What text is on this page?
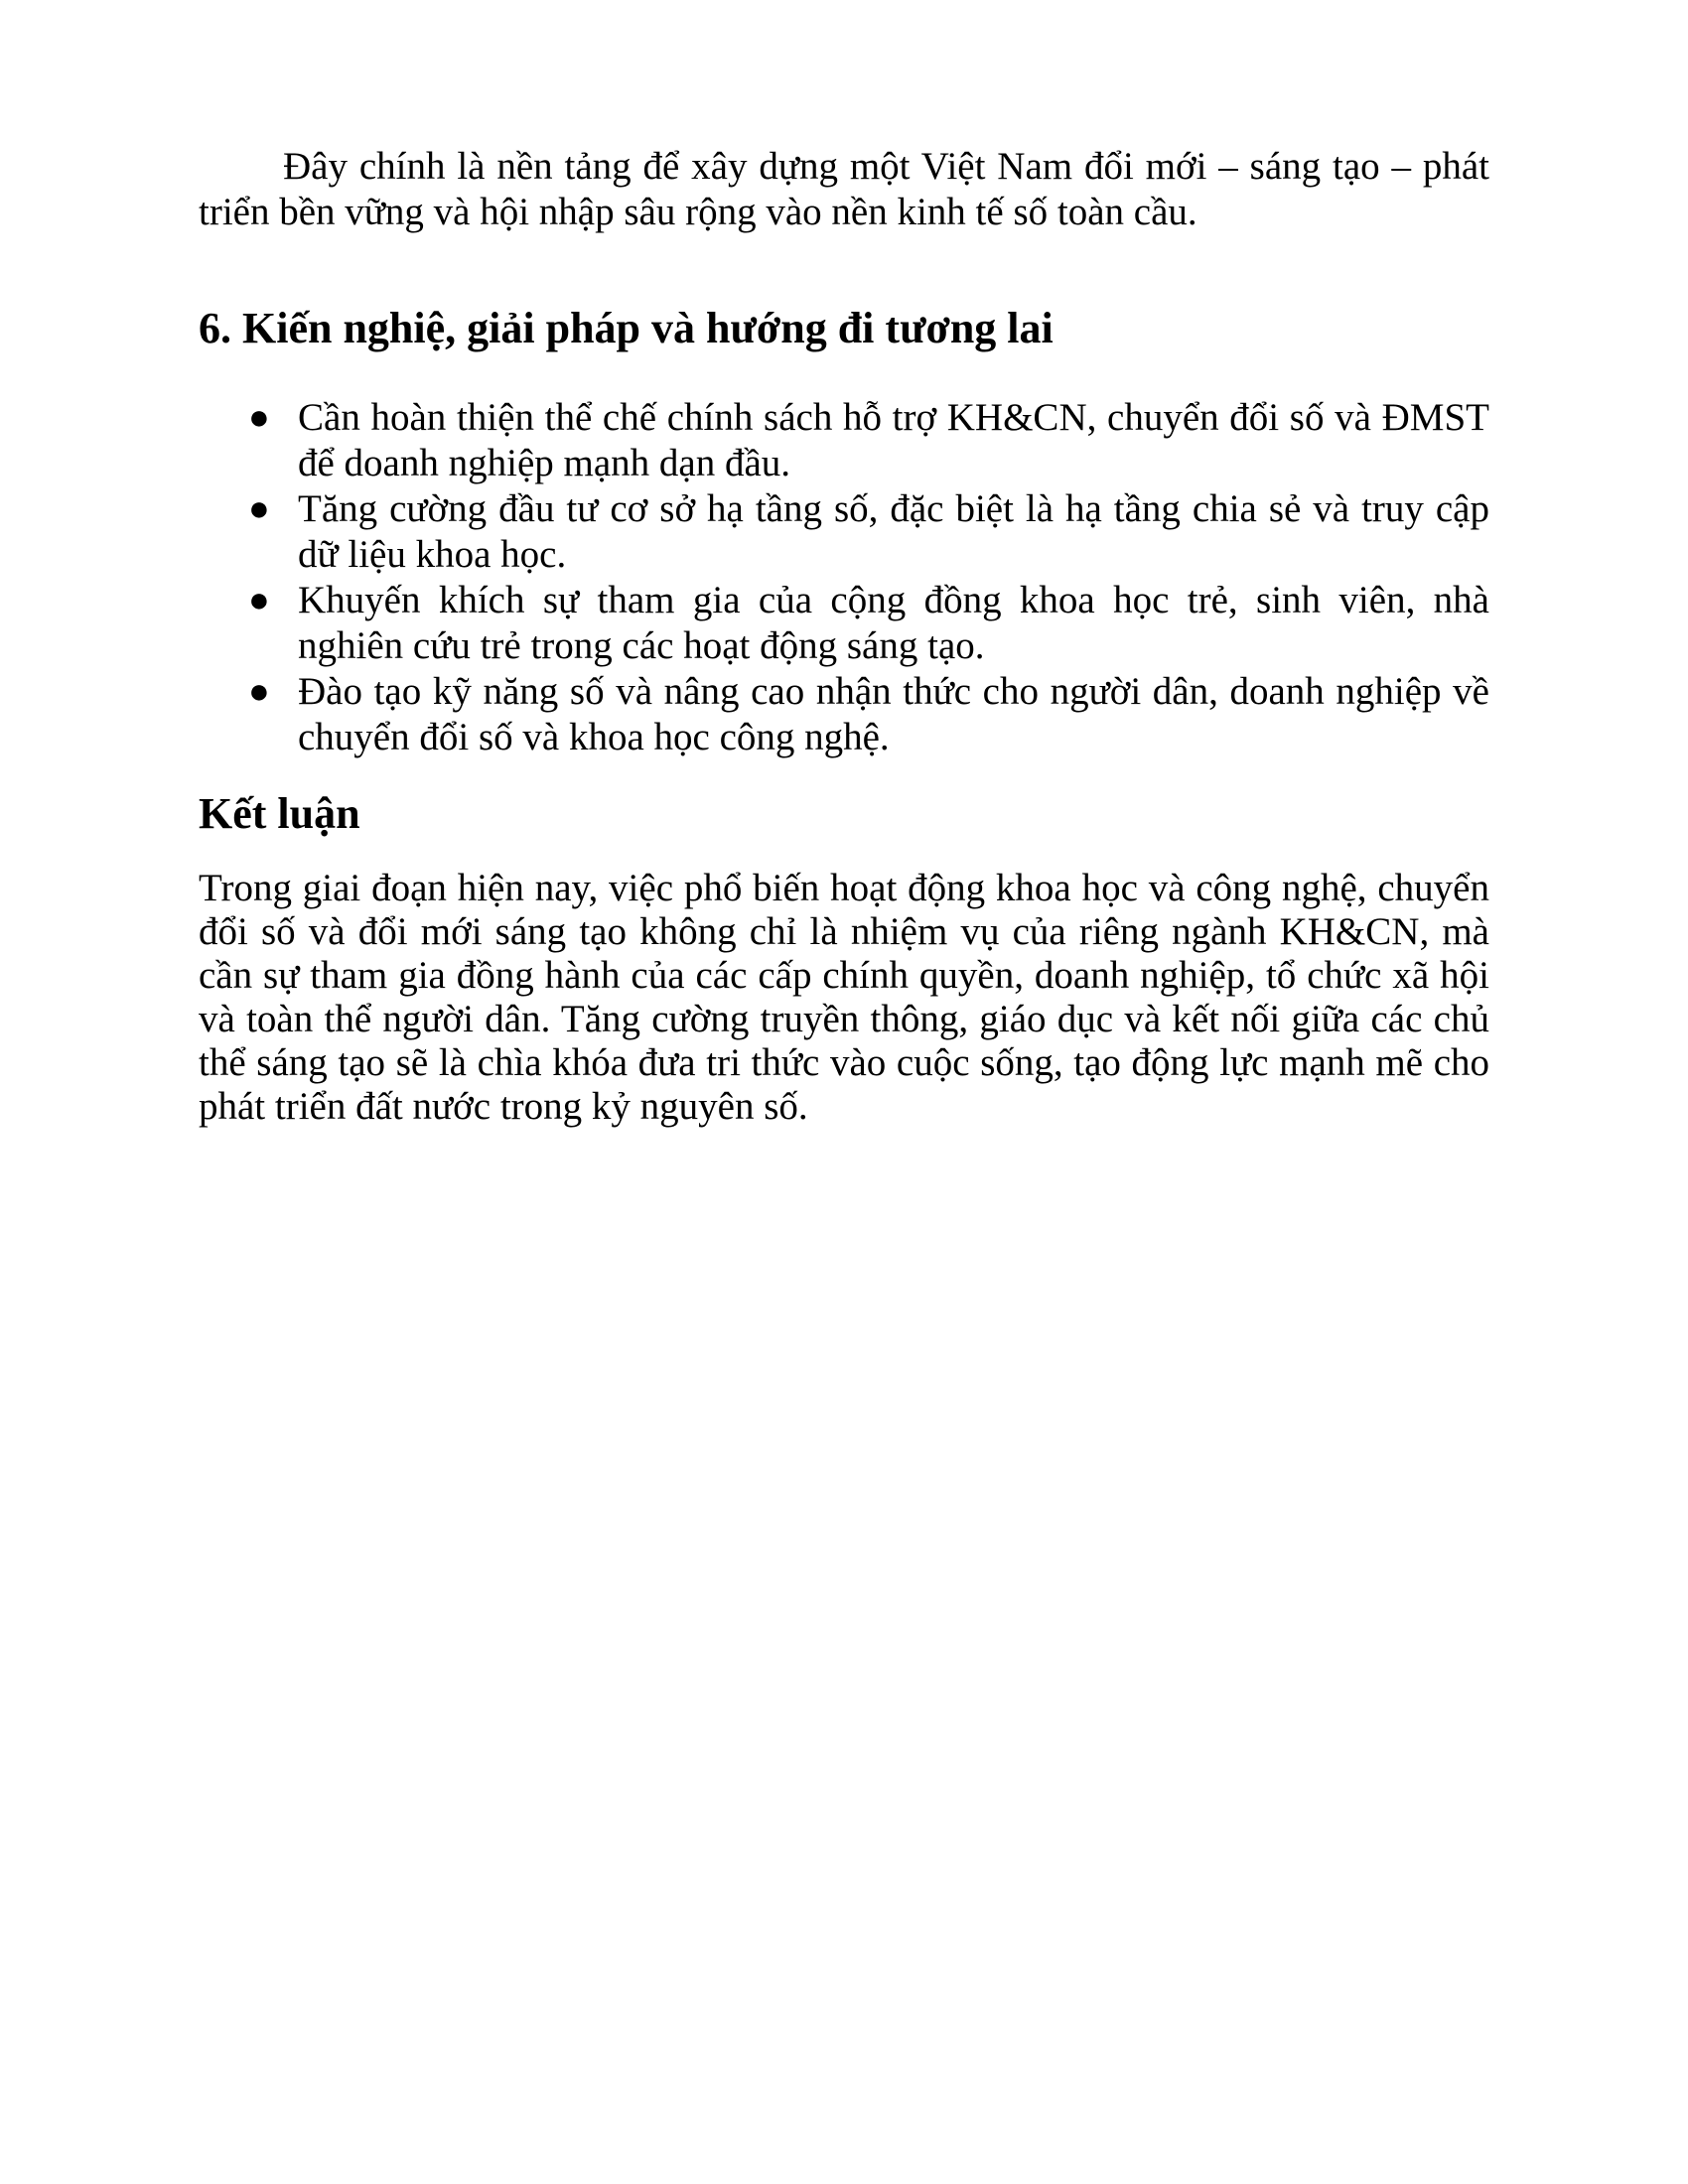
Đây chính là nền tảng để xây dựng một Việt Nam đổi mới – sáng tạo – phát triển bền vững và hội nhập sâu rộng vào nền kinh tế số toàn cầu.

6. Kiến nghiệ, giải pháp và hướng đi tương lai
● Cần hoàn thiện thể chế chính sách hỗ trợ KH&CN, chuyển đổi số và ĐMST để doanh nghiệp mạnh dạn đầu.
● Tăng cường đầu tư cơ sở hạ tầng số, đặc biệt là hạ tầng chia sẻ và truy cập dữ liệu khoa học.
● Khuyến khích sự tham gia của cộng đồng khoa học trẻ, sinh viên, nhà nghiên cứu trẻ trong các hoạt động sáng tạo.
● Đào tạo kỹ năng số và nâng cao nhận thức cho người dân, doanh nghiệp về chuyển đổi số và khoa học công nghệ.
Kết luận

Trong giai đoạn hiện nay, việc phổ biến hoạt động khoa học và công nghệ, chuyển đổi số và đổi mới sáng tạo không chỉ là nhiệm vụ của riêng ngành KH&CN, mà cần sự tham gia đồng hành của các cấp chính quyền, doanh nghiệp, tổ chức xã hội và toàn thể người dân. Tăng cường truyền thông, giáo dục và kết nối giữa các chủ thể sáng tạo sẽ là chìa khóa đưa tri thức vào cuộc sống, tạo động lực mạnh mẽ cho phát triển đất nước trong kỷ nguyên số.
